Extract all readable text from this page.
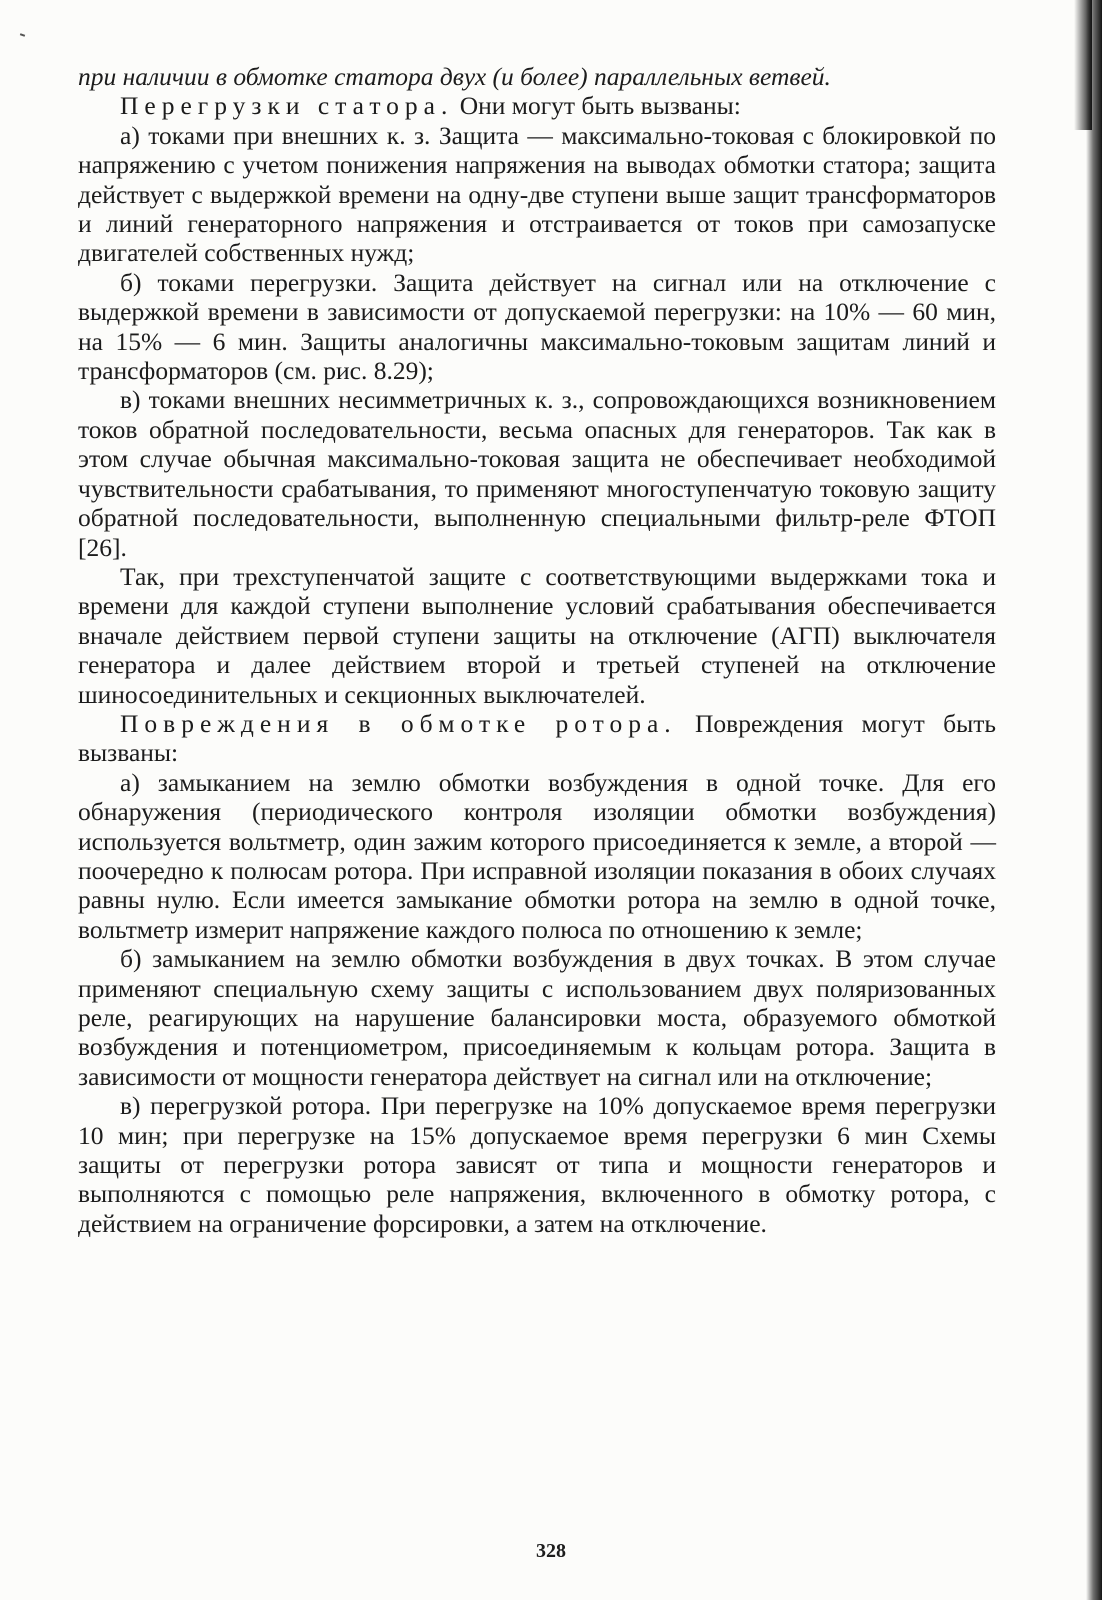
при наличии в обмотке статора двух (и более) параллельных ветвей.

Перегрузки статора. Они могут быть вызваны:

а) токами при внешних к. з. Защита — максимально-токовая с блокировкой по напряжению с учетом понижения напряжения на выводах обмотки статора; защита действует с выдержкой времени на одну-две ступени выше защит трансформаторов и линий генераторного напряжения и отстраивается от токов при самозапуске двигателей собственных нужд;

б) токами перегрузки. Защита действует на сигнал или на отключение с выдержкой времени в зависимости от допускаемой перегрузки: на 10% — 60 мин, на 15% — 6 мин. Защиты аналогичны максимально-токовым защитам линий и трансформаторов (см. рис. 8.29);

в) токами внешних несимметричных к. з., сопровождающихся возникновением токов обратной последовательности, весьма опасных для генераторов. Так как в этом случае обычная максимально-токовая защита не обеспечивает необходимой чувствительности срабатывания, то применяют многоступенчатую токовую защиту обратной последовательности, выполненную специальными фильтр-реле ФТОП [26].

Так, при трехступенчатой защите с соответствующими выдержками тока и времени для каждой ступени выполнение условий срабатывания обеспечивается вначале действием первой ступени защиты на отключение (АГП) выключателя генератора и далее действием второй и третьей ступеней на отключение шиносоединительных и секционных выключателей.

Повреждения в обмотке ротора. Повреждения могут быть вызваны:

а) замыканием на землю обмотки возбуждения в одной точке. Для его обнаружения (периодического контроля изоляции обмотки возбуждения) используется вольтметр, один зажим которого присоединяется к земле, а второй — поочередно к полюсам ротора. При исправной изоляции показания в обоих случаях равны нулю. Если имеется замыкание обмотки ротора на землю в одной точке, вольтметр измерит напряжение каждого полюса по отношению к земле;

б) замыканием на землю обмотки возбуждения в двух точках. В этом случае применяют специальную схему защиты с использованием двух поляризованных реле, реагирующих на нарушение балансировки моста, образуемого обмоткой возбуждения и потенциометром, присоединяемым к кольцам ротора. Защита в зависимости от мощности генератора действует на сигнал или на отключение;

в) перегрузкой ротора. При перегрузке на 10% допускаемое время перегрузки 10 мин; при перегрузке на 15% допускаемое время перегрузки 6 мин Схемы защиты от перегрузки ротора зависят от типа и мощности генераторов и выполняются с помощью реле напряжения, включенного в обмотку ротора, с действием на ограничение форсировки, а затем на отключение.

328
